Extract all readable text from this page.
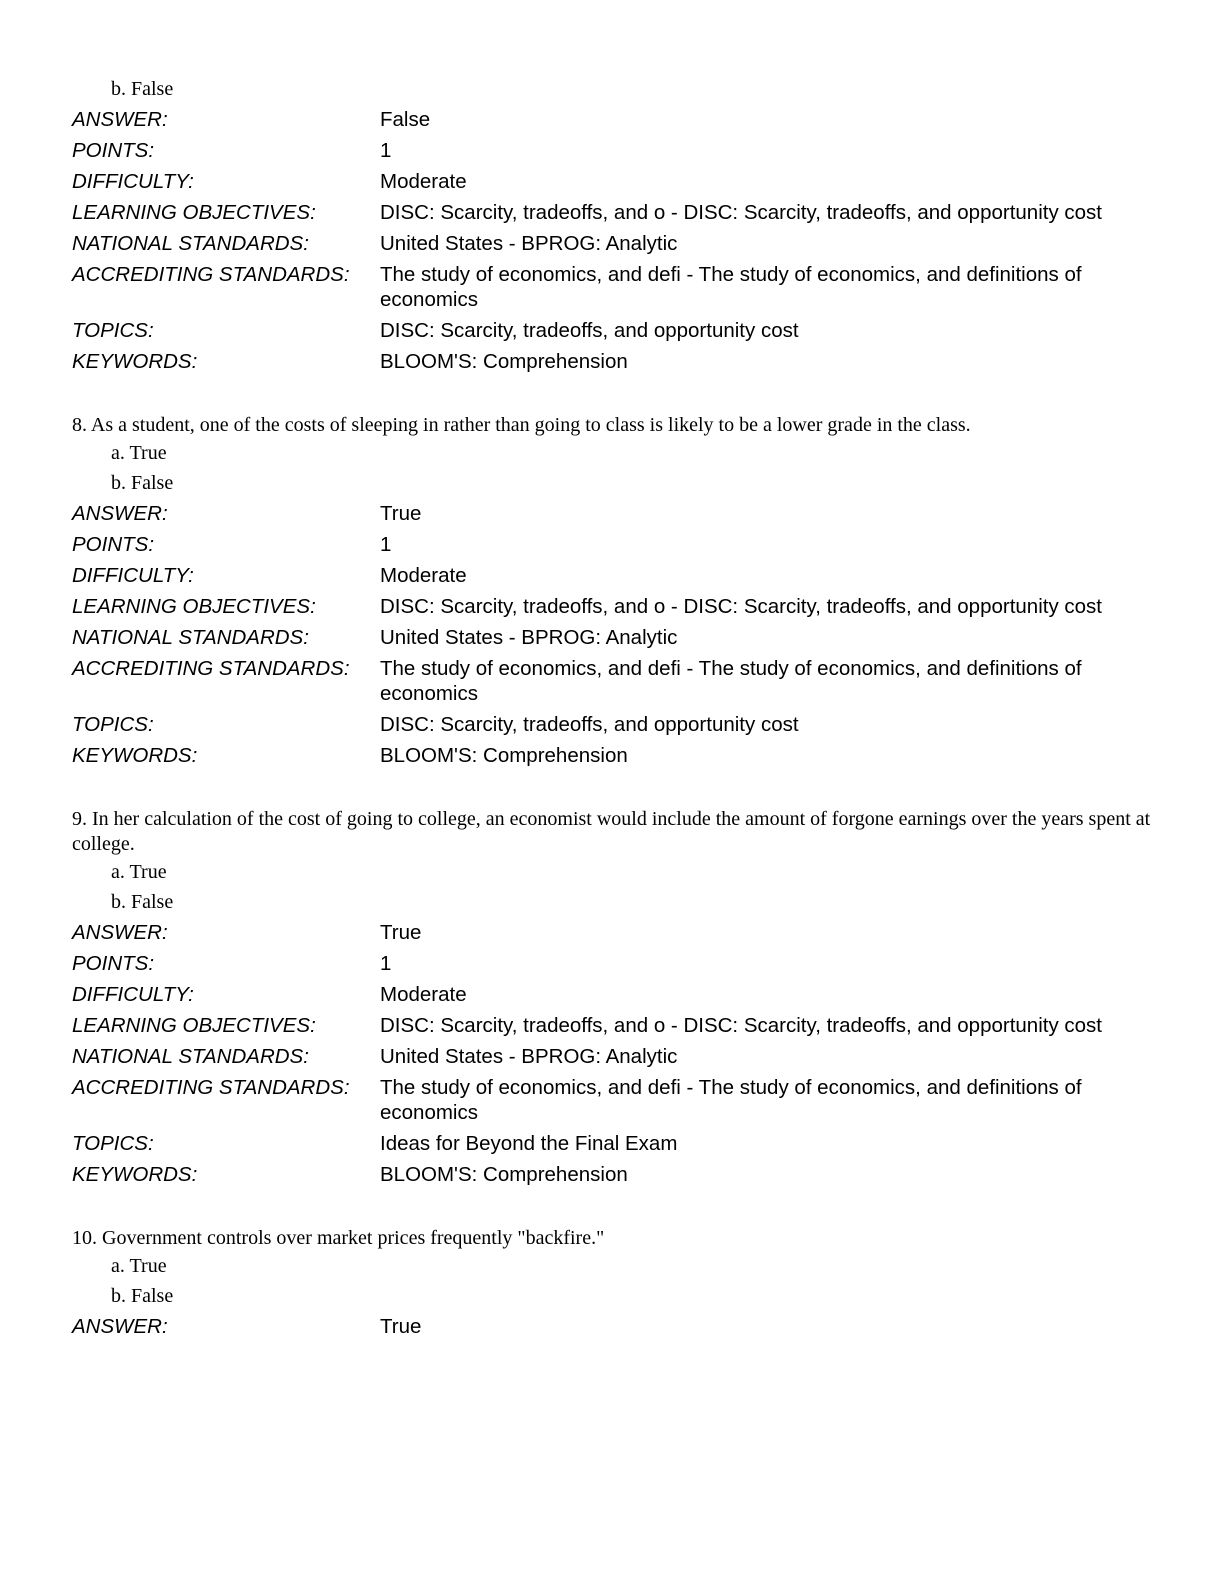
b. False
ANSWER:	False
POINTS:	1
DIFFICULTY:	Moderate
LEARNING OBJECTIVES:	DISC: Scarcity, tradeoffs, and o - DISC: Scarcity, tradeoffs, and opportunity cost
NATIONAL STANDARDS:	United States - BPROG: Analytic
ACCREDITING STANDARDS:	The study of economics, and defi - The study of economics, and definitions of economics
TOPICS:	DISC: Scarcity, tradeoffs, and opportunity cost
KEYWORDS:	BLOOM'S: Comprehension
8. As a student, one of the costs of sleeping in rather than going to class is likely to be a lower grade in the class.
a. True
b. False
ANSWER:	True
POINTS:	1
DIFFICULTY:	Moderate
LEARNING OBJECTIVES:	DISC: Scarcity, tradeoffs, and o - DISC: Scarcity, tradeoffs, and opportunity cost
NATIONAL STANDARDS:	United States - BPROG: Analytic
ACCREDITING STANDARDS:	The study of economics, and defi - The study of economics, and definitions of economics
TOPICS:	DISC: Scarcity, tradeoffs, and opportunity cost
KEYWORDS:	BLOOM'S: Comprehension
9. In her calculation of the cost of going to college, an economist would include the amount of forgone earnings over the years spent at college.
a. True
b. False
ANSWER:	True
POINTS:	1
DIFFICULTY:	Moderate
LEARNING OBJECTIVES:	DISC: Scarcity, tradeoffs, and o - DISC: Scarcity, tradeoffs, and opportunity cost
NATIONAL STANDARDS:	United States - BPROG: Analytic
ACCREDITING STANDARDS:	The study of economics, and defi - The study of economics, and definitions of economics
TOPICS:	Ideas for Beyond the Final Exam
KEYWORDS:	BLOOM'S: Comprehension
10. Government controls over market prices frequently "backfire."
a. True
b. False
ANSWER:	True
